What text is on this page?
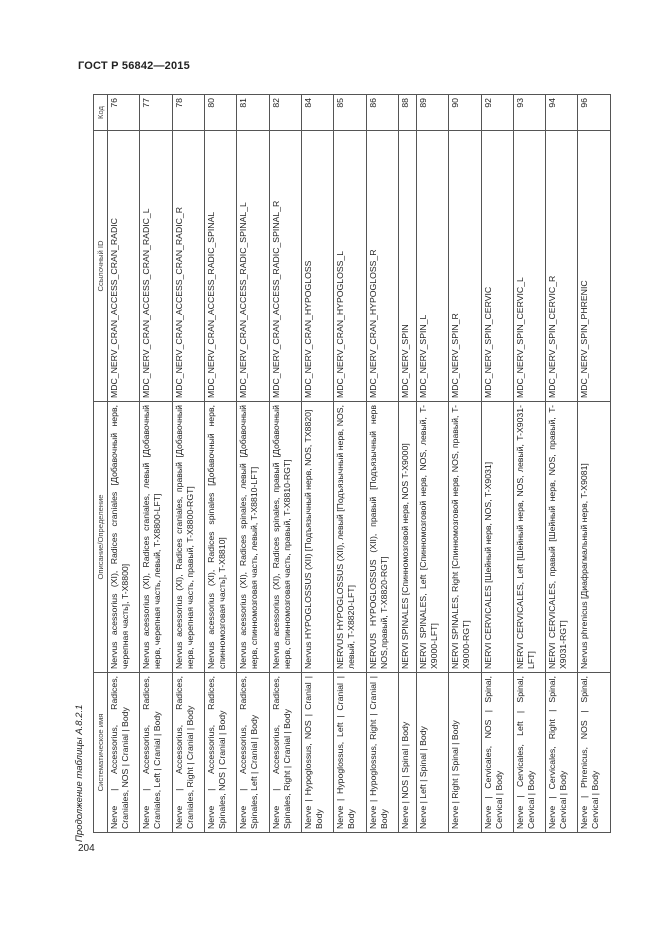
ГОСТ Р 56842—2015
Продолжение таблицы А.8.2.1
204
Систематическое имя	Описание/Определение	Ссылочный ID	Код
Nerve | Accessorius, Radices, Craniales, NOS | Cranial | Body	Nervus acessorius (XI), Radices cranialeѕ [Добавочный нерв, черепная часть], T-X8800]	MDC_NERV_CRAN_ACCESS_CRAN_RADIC	76
Nerve | Accessorius, Radices, Cranialеs, Left | Cranial | Body	Nervus acessorius (XI), Radices cranialеs, левый [Добавочный нерв, черепная часть, левый, T-X8800-LFT]	MDC_NERV_CRAN_ACCESS_CRAN_RADIC_L	77
Nerve | Accessorius, Radices, Cranialеs, Right | Cranial | Body	Nervus acessorius (XI), Radices cranialеs, правый [Добавочный нерв, черепная часть, правый, T-X8800-RGT]	MDC_NERV_CRAN_ACCESS_CRAN_RADIC_R	78
Nerve | Accessorius, Radices, Spinales, NOS | Cranial | Body	Nervus acessorius (XI), Radices spinales [Добавочный нерв, спинномозговая часть], T-X8810]	MDC_NERV_CRAN_ACCESS_RADIC_SPINAL	80
Nerve | Accessorius, Radices, Spinales, Left | Cranial | Body	Nervus acessorius (XI), Radices spinales, левый [Добавочный нерв, спинномозговая часть, левый, T-X8810-LFT]	MDC_NERV_CRAN_ACCESS_RADIC_SPINAL_L	81
Nerve | Accessorius, Radices, Spinales, Right | Cranial | Body	Nervus acessorius (XI), Radices spinales, правый [Добавочный нерв, спинномозговая часть, правый, T-X8810-RGT]	MDC_NERV_CRAN_ACCESS_RADIC_SPINAL_R	82
Nerve | Hypoglossus, NOS | Cranial | Body	Nervus HYPOGLOSSUS (XII) [Подъязычный нерв, NOS, TX8820]	MDC_NERV_CRAN_HYPOGLOSS	84
Nerve | Hypoglossus, Left | Cranial | Body	NERVUS HYPOGLOSSUS (XII), левый [Подъязычный нерв, NOS, левый, T-X8820-LFT]	MDC_NERV_CRAN_HYPOGLOSS_L	85
Nerve | Hypoglossus, Right | Cranial | Body	NERVUS HYPOGLOSSUS (XII), правый [Подъязычный нерв NOS,правый, T-X8820-RGT]	MDC_NERV_CRAN_HYPOGLOSS_R	86
Nerve | NOS | Spinal | Body	NERVI SPINALES [Спинномозговой нерв, NOS T-X9000]	MDC_NERV_SPIN	88
Nerve | Left | Spinal | Body	NERVI SPINALES, Left [Спинномозговой нерв, NOS, левый, T-X9000-LFT]	MDC_NERV_SPIN_L	89
Nerve | Right | Spinal | Body	NERVI SPINALES, Right [Спинномозговой нерв, NOS, правый, T-X9000-RGT]	MDC_NERV_SPIN_R	90
Nerve | Cervicales, NOS | Spinal, Cervical | Body	NERVI CERVICALES [Шейный нерв, NOS, T-X9031]	MDC_NERV_SPIN_CERVIC	92
Nerve | Cervicales, Left | Spinal, Cervical | Body	NERVI CERVICALES, Left [Шейный нерв, NOS, левый, T-X9031-LFT]	MDC_NERV_SPIN_CERVIC_L	93
Nerve | Cervicales, Right | Spinal, Cervical | Body	NERVI CERVICALES, правый [Шейный нерв, NOS, правый, T-X9031-RGT]	MDC_NERV_SPIN_CERVIC_R	94
Nerve | Phrenicus, NOS | Spinal, Cervical | Body	Nervus phrenicus [Диафрагмальный нерв, T-X9081]	MDC_NERV_SPIN_PHRENIC	96
